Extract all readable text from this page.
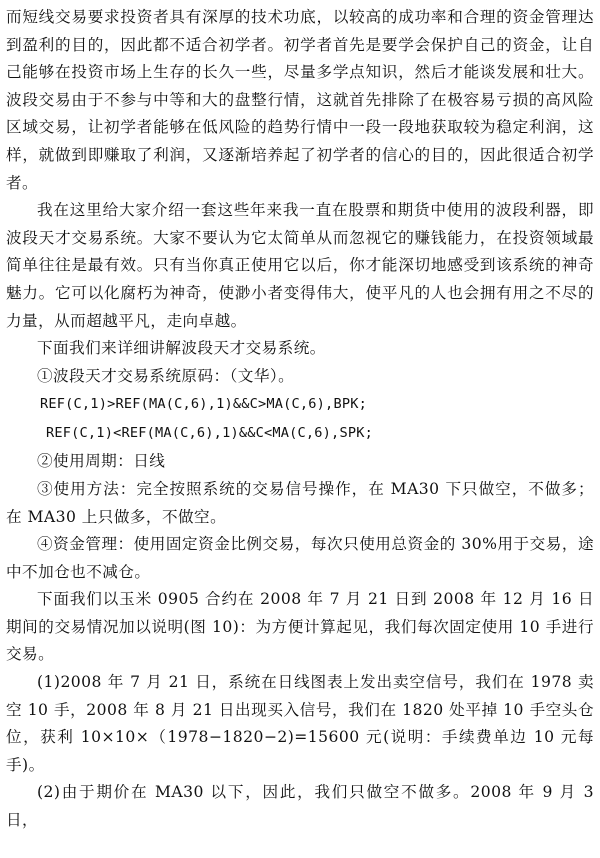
而短线交易要求投资者具有深厚的技术功底，以较高的成功率和合理的资金管理达到盈利的目的，因此都不适合初学者。初学者首先是要学会保护自己的资金，让自己能够在投资市场上生存的长久一些，尽量多学点知识，然后才能谈发展和壮大。波段交易由于不参与中等和大的盘整行情，这就首先排除了在极容易亏损的高风险区域交易，让初学者能够在低风险的趋势行情中一段一段地获取较为稳定利润，这样，就做到即赚取了利润，又逐渐培养起了初学者的信心的目的，因此很适合初学者。

我在这里给大家介绍一套这些年来我一直在股票和期货中使用的波段利器，即波段天才交易系统。大家不要认为它太简单从而忽视它的赚钱能力，在投资领域最简单往往是最有效。只有当你真正使用它以后，你才能深切地感受到该系统的神奇魅力。它可以化腐朽为神奇，使渺小者变得伟大，使平凡的人也会拥有用之不尽的力量，从而超越平凡，走向卓越。

下面我们来详细讲解波段天才交易系统。

①波段天才交易系统原码：（文华）。

REF(C,1)>REF(MA(C,6),1)&&C>MA(C,6),BPK;

REF(C,1)<REF(MA(C,6),1)&&C<MA(C,6),SPK;

②使用周期：日线

③使用方法：完全按照系统的交易信号操作，在 MA30 下只做空，不做多；在 MA30 上只做多，不做空。

④资金管理：使用固定资金比例交易，每次只使用总资金的 30%用于交易，途中不加仓也不减仓。

下面我们以玉米 0905 合约在 2008 年 7 月 21 日到 2008 年 12 月 16 日期间的交易情况加以说明(图 10)：为方便计算起见，我们每次固定使用 10 手进行交易。

(1)2008 年 7 月 21 日，系统在日线图表上发出卖空信号，我们在 1978 卖空 10 手，2008 年 8 月 21 日出现买入信号，我们在 1820 处平掉 10 手空头仓位，获利 10×10×（1978−1820−2)=15600 元(说明：手续费单边 10 元每手)。

(2)由于期价在 MA30 以下，因此，我们只做空不做多。2008 年 9 月 3 日，
